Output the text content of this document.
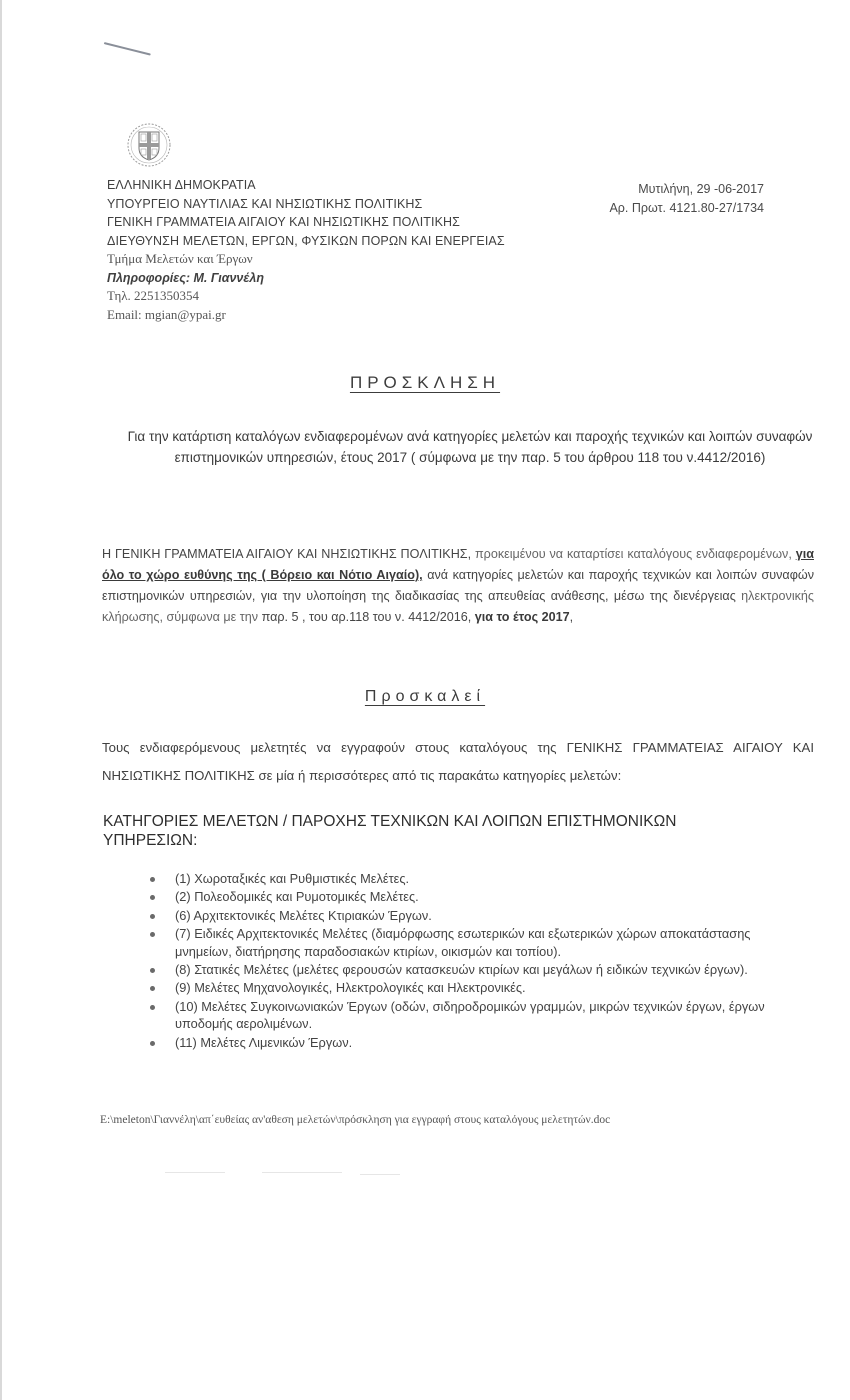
ΕΛΛΗΝΙΚΗ ΔΗΜΟΚΡΑΤΙΑ
ΥΠΟΥΡΓΕΙΟ ΝΑΥΤΙΛΙΑΣ ΚΑΙ ΝΗΣΙΩΤΙΚΗΣ ΠΟΛΙΤΙΚΗΣ
ΓΕΝΙΚΗ ΓΡΑΜΜΑΤΕΙΑ ΑΙΓΑΙΟΥ ΚΑΙ ΝΗΣΙΩΤΙΚΗΣ ΠΟΛΙΤΙΚΗΣ
ΔΙΕΥΘΥΝΣΗ ΜΕΛΕΤΩΝ, ΕΡΓΩΝ, ΦΥΣΙΚΩΝ ΠΟΡΩΝ ΚΑΙ ΕΝΕΡΓΕΙΑΣ
Τμήμα Μελετών και Έργων
Πληροφορίες: Μ. Γιαννέλη
Τηλ. 2251350354
Email: mgian@ypai.gr
Μυτιλήνη, 29 -06-2017
Αρ. Πρωτ. 4121.80-27/1734
ΠΡΟΣΚΛΗΣΗ
Για την κατάρτιση καταλόγων ενδιαφερομένων ανά κατηγορίες μελετών και παροχής τεχνικών και λοιπών συναφών επιστημονικών υπηρεσιών, έτους 2017 ( σύμφωνα με την παρ. 5 του άρθρου 118 του ν.4412/2016)
Η ΓΕΝΙΚΗ ΓΡΑΜΜΑΤΕΙΑ ΑΙΓΑΙΟΥ ΚΑΙ ΝΗΣΙΩΤΙΚΗΣ ΠΟΛΙΤΙΚΗΣ, προκειμένου να καταρτίσει καταλόγους ενδιαφερομένων, για όλο το χώρο ευθύνης της ( Βόρειο και Νότιο Αιγαίο), ανά κατηγορίες μελετών και παροχής τεχνικών και λοιπών συναφών επιστημονικών υπηρεσιών, για την υλοποίηση της διαδικασίας της απευθείας ανάθεσης, μέσω της διενέργειας ηλεκτρονικής κλήρωσης, σύμφωνα με την παρ. 5 , του αρ.118 του ν. 4412/2016, για το έτος 2017,
Προσκαλεί
Τους ενδιαφερόμενους μελετητές να εγγραφούν στους καταλόγους της ΓΕΝΙΚΗΣ ΓΡΑΜΜΑΤΕΙΑΣ ΑΙΓΑΙΟΥ ΚΑΙ ΝΗΣΙΩΤΙΚΗΣ ΠΟΛΙΤΙΚΗΣ σε μία ή περισσότερες από τις παρακάτω κατηγορίες μελετών:
ΚΑΤΗΓΟΡΙΕΣ ΜΕΛΕΤΩΝ / ΠΑΡΟΧΗΣ ΤΕΧΝΙΚΩΝ ΚΑΙ ΛΟΙΠΩΝ ΕΠΙΣΤΗΜΟΝΙΚΩΝ ΥΠΗΡΕΣΙΩΝ:
(1) Χωροταξικές και Ρυθμιστικές Μελέτες.
(2) Πολεοδομικές και Ρυμοτομικές Μελέτες.
(6) Αρχιτεκτονικές Μελέτες Κτιριακών Έργων.
(7) Ειδικές Αρχιτεκτονικές Μελέτες (διαμόρφωσης εσωτερικών και εξωτερικών χώρων αποκατάστασης μνημείων, διατήρησης παραδοσιακών κτιρίων, οικισμών και τοπίου).
(8) Στατικές Μελέτες (μελέτες φερουσών κατασκευών κτιρίων και μεγάλων ή ειδικών τεχνικών έργων).
(9) Μελέτες Μηχανολογικές, Ηλεκτρολογικές και Ηλεκτρονικές.
(10) Μελέτες Συγκοινωνιακών Έργων (οδών, σιδηροδρομικών γραμμών, μικρών τεχνικών έργων, έργων υποδομής αερολιμένων.
(11) Μελέτες Λιμενικών Έργων.
E:\meleton\Γιαννέλη\απ΄ευθείας αν'αθεση μελετών\πρόσκληση για εγγραφή στους καταλόγους μελετητών.doc
